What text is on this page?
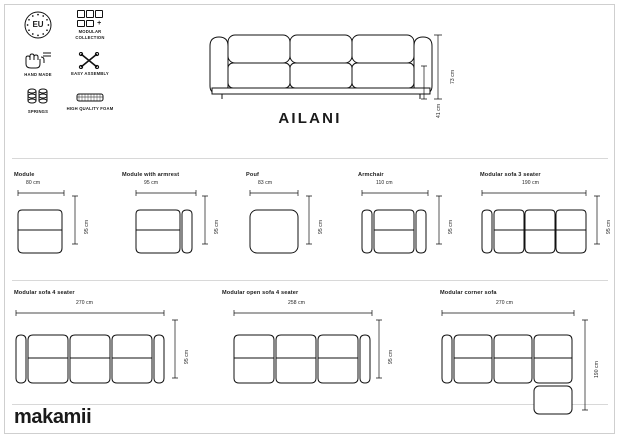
EU	+
MODULAR COLLECTION
HAND MADE	EASY ASSEMBLY
SPRINGS
HIGH QUALITY FOAM
73 cm
41 cm
AILANI
Module
80 cm
95 cm
Module with armrest
95 cm
95 cm
Pouf
83 cm
95 cm
Armchair
110 cm
95 cm
Modular sofa 3 seater
190 cm
95 cm
Modular sofa 4 seater
270 cm
95 cm
Modular open sofa 4 seater
258 cm
95 cm
Modular corner sofa
270 cm
190 cm
makamii
